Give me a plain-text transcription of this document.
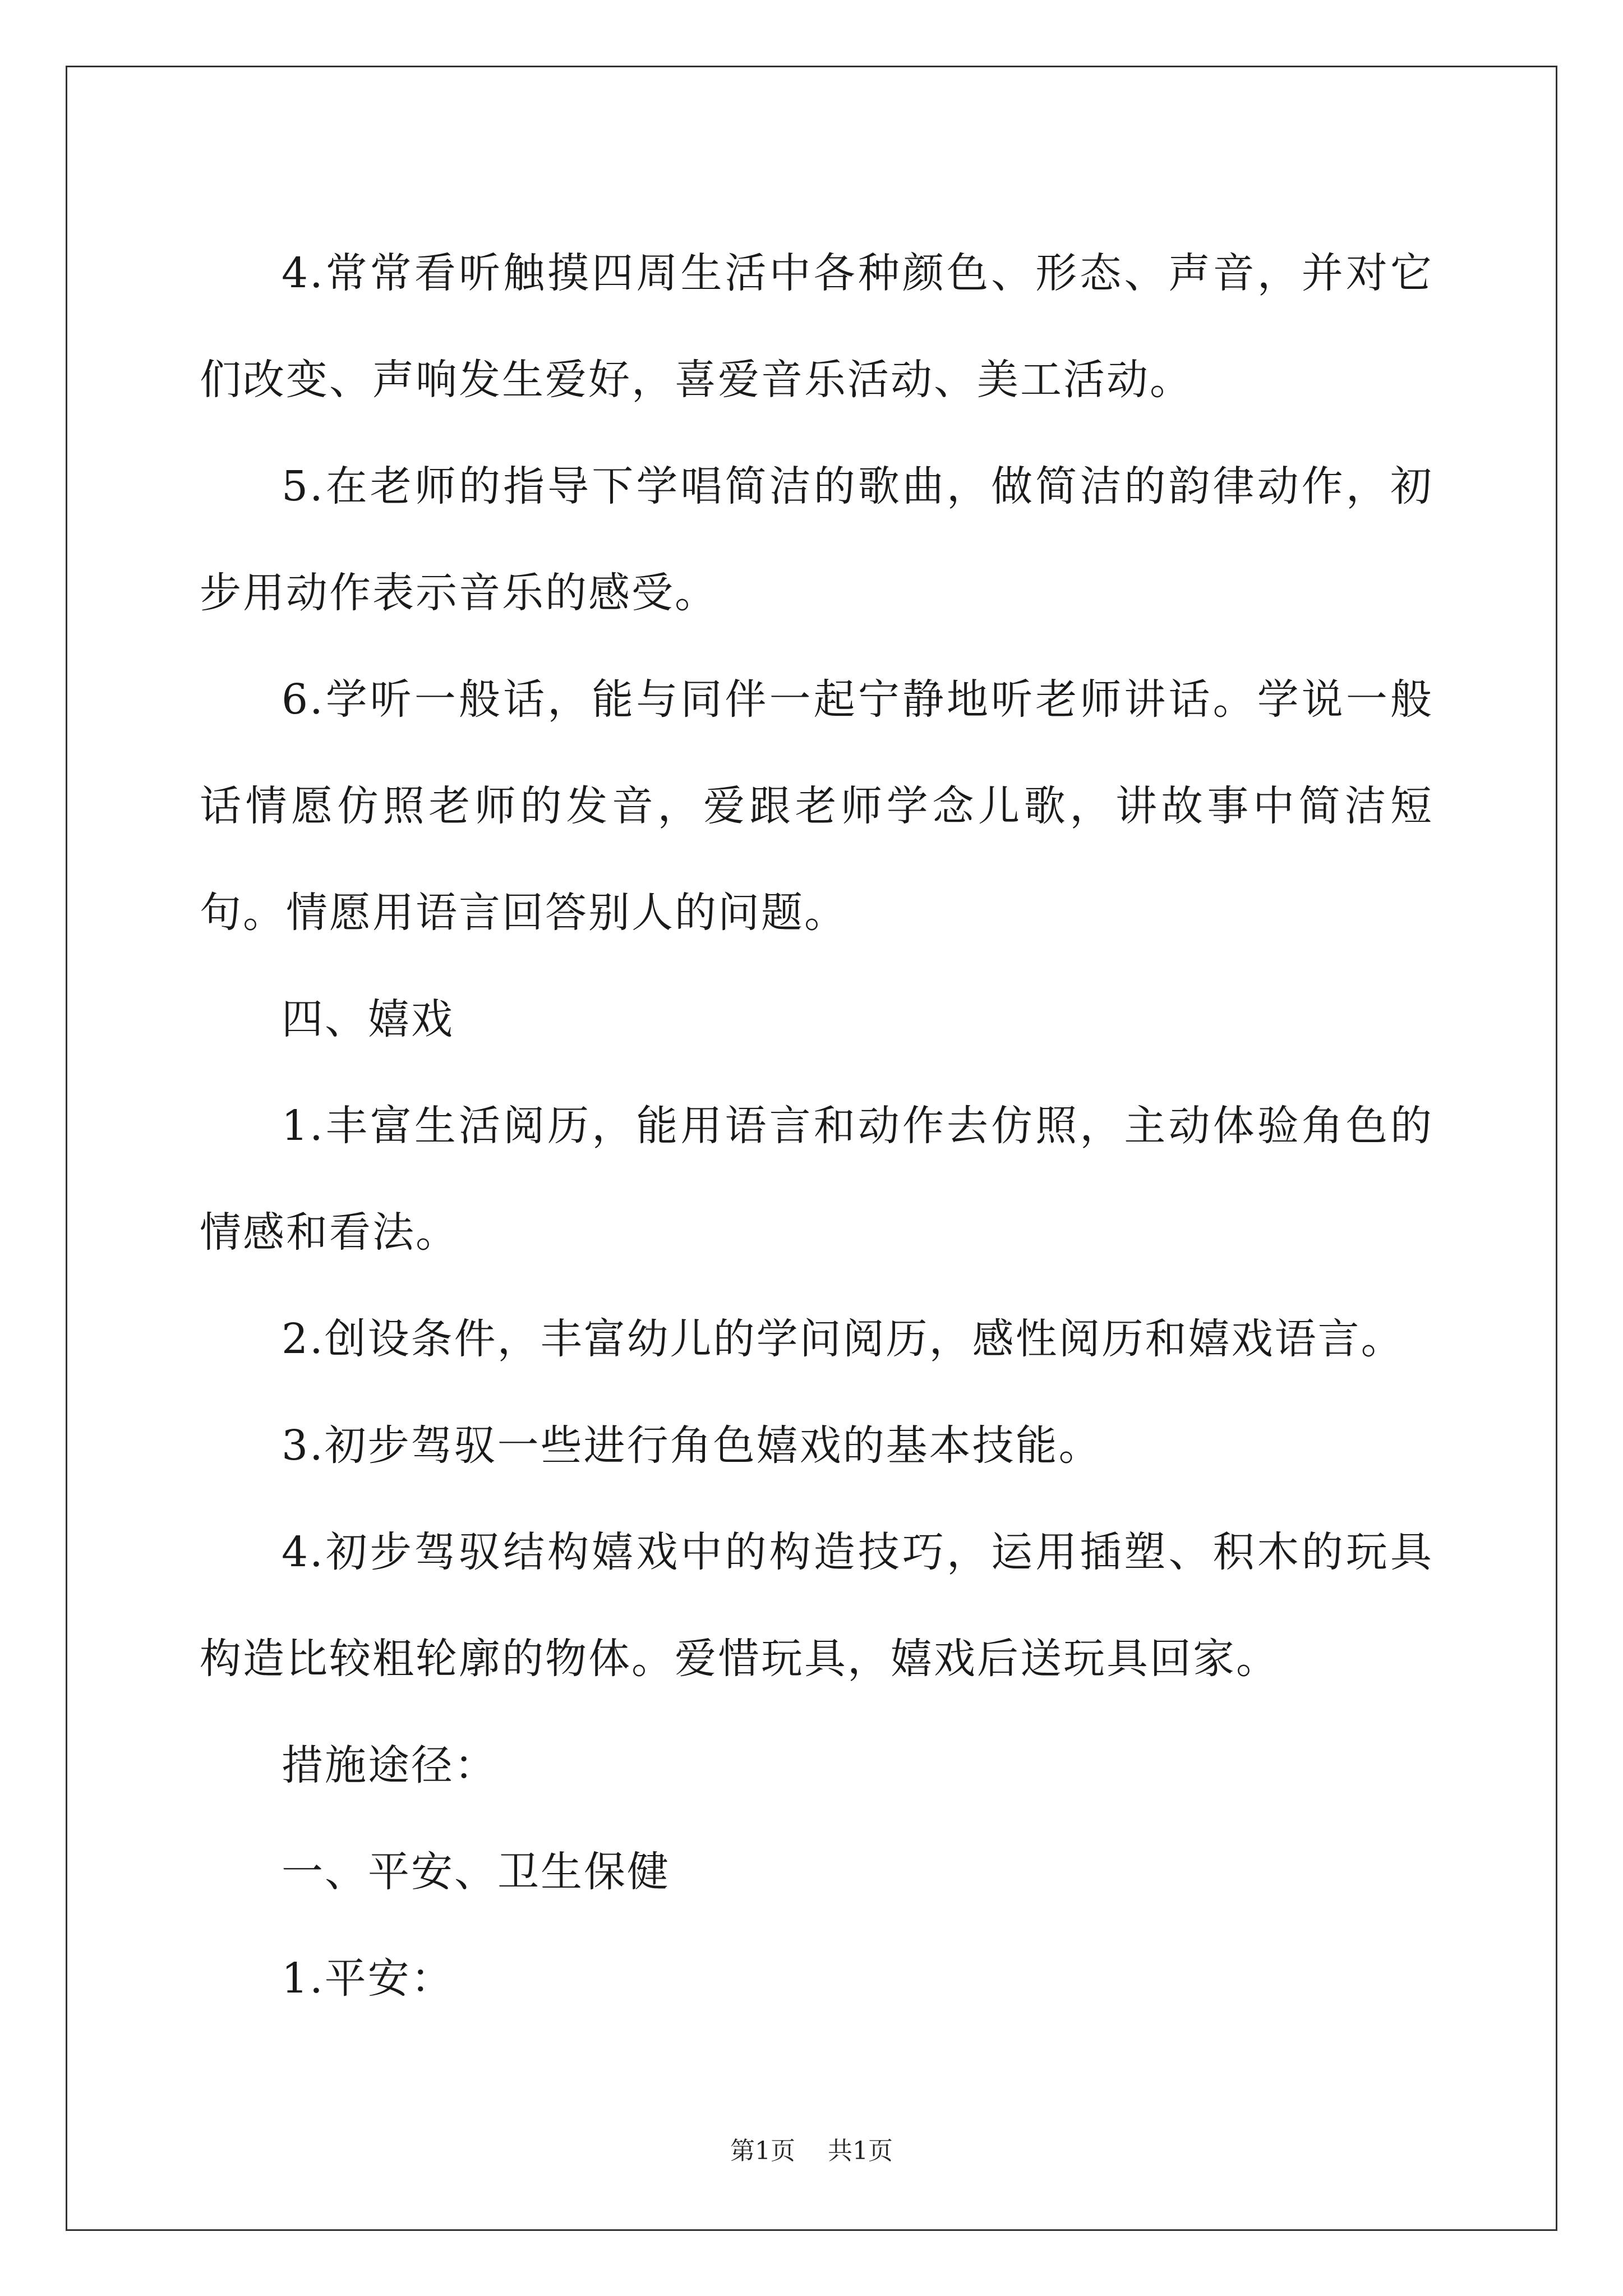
4.常常看听触摸四周生活中各种颜色、形态、声音，并对它们改变、声响发生爱好，喜爱音乐活动、美工活动。

5.在老师的指导下学唱简洁的歌曲，做简洁的韵律动作，初步用动作表示音乐的感受。

6.学听一般话，能与同伴一起宁静地听老师讲话。学说一般话情愿仿照老师的发音，爱跟老师学念儿歌，讲故事中简洁短句。情愿用语言回答别人的问题。

四、嬉戏

1.丰富生活阅历，能用语言和动作去仿照，主动体验角色的情感和看法。

2.创设条件，丰富幼儿的学问阅历，感性阅历和嬉戏语言。

3.初步驾驭一些进行角色嬉戏的基本技能。

4.初步驾驭结构嬉戏中的构造技巧，运用插塑、积木的玩具构造比较粗轮廓的物体。爱惜玩具，嬉戏后送玩具回家。

措施途径：

一、平安、卫生保健

1.平安：

第1页 共1页
